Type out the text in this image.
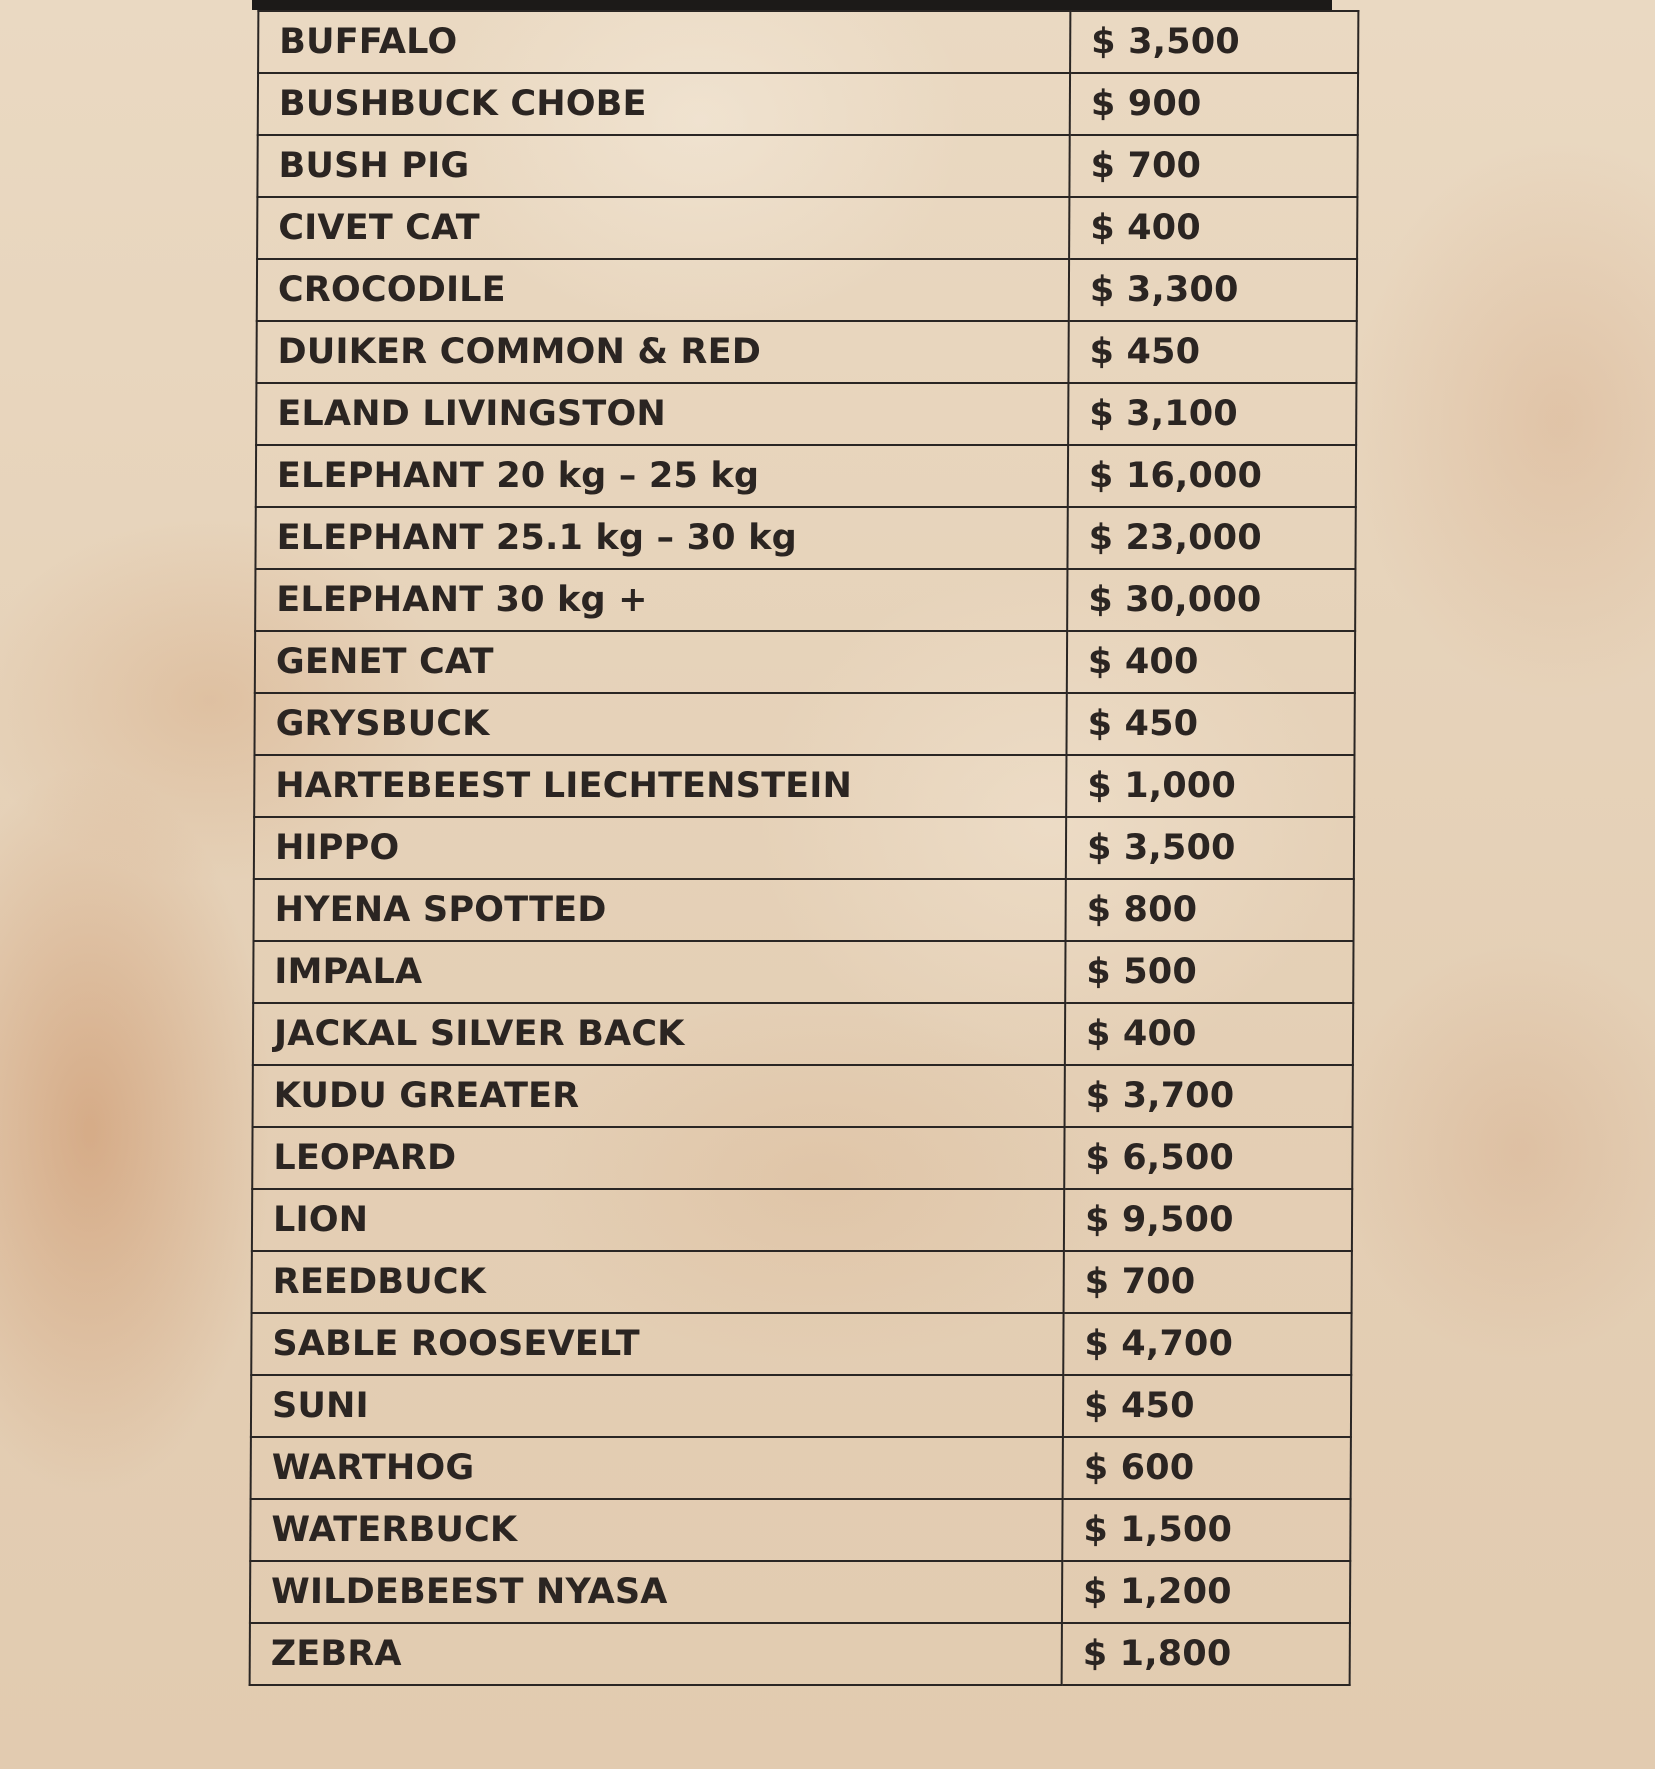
BUFFALO	$ 3,500
BUSHBUCK CHOBE	$ 900
BUSH PIG	$ 700
CIVET CAT	$ 400
CROCODILE	$ 3,300
DUIKER COMMON & RED	$ 450
ELAND LIVINGSTON	$ 3,100
ELEPHANT 20 kg – 25 kg	$ 16,000
ELEPHANT 25.1 kg – 30 kg	$ 23,000
ELEPHANT 30 kg +	$ 30,000
GENET CAT	$ 400
GRYSBUCK	$ 450
HARTEBEEST LIECHTENSTEIN	$ 1,000
HIPPO	$ 3,500
HYENA SPOTTED	$ 800
IMPALA	$ 500
JACKAL SILVER BACK	$ 400
KUDU GREATER	$ 3,700
LEOPARD	$ 6,500
LION	$ 9,500
REEDBUCK	$ 700
SABLE ROOSEVELT	$ 4,700
SUNI	$ 450
WARTHOG	$ 600
WATERBUCK	$ 1,500
WILDEBEEST NYASA	$ 1,200
ZEBRA	$ 1,800
